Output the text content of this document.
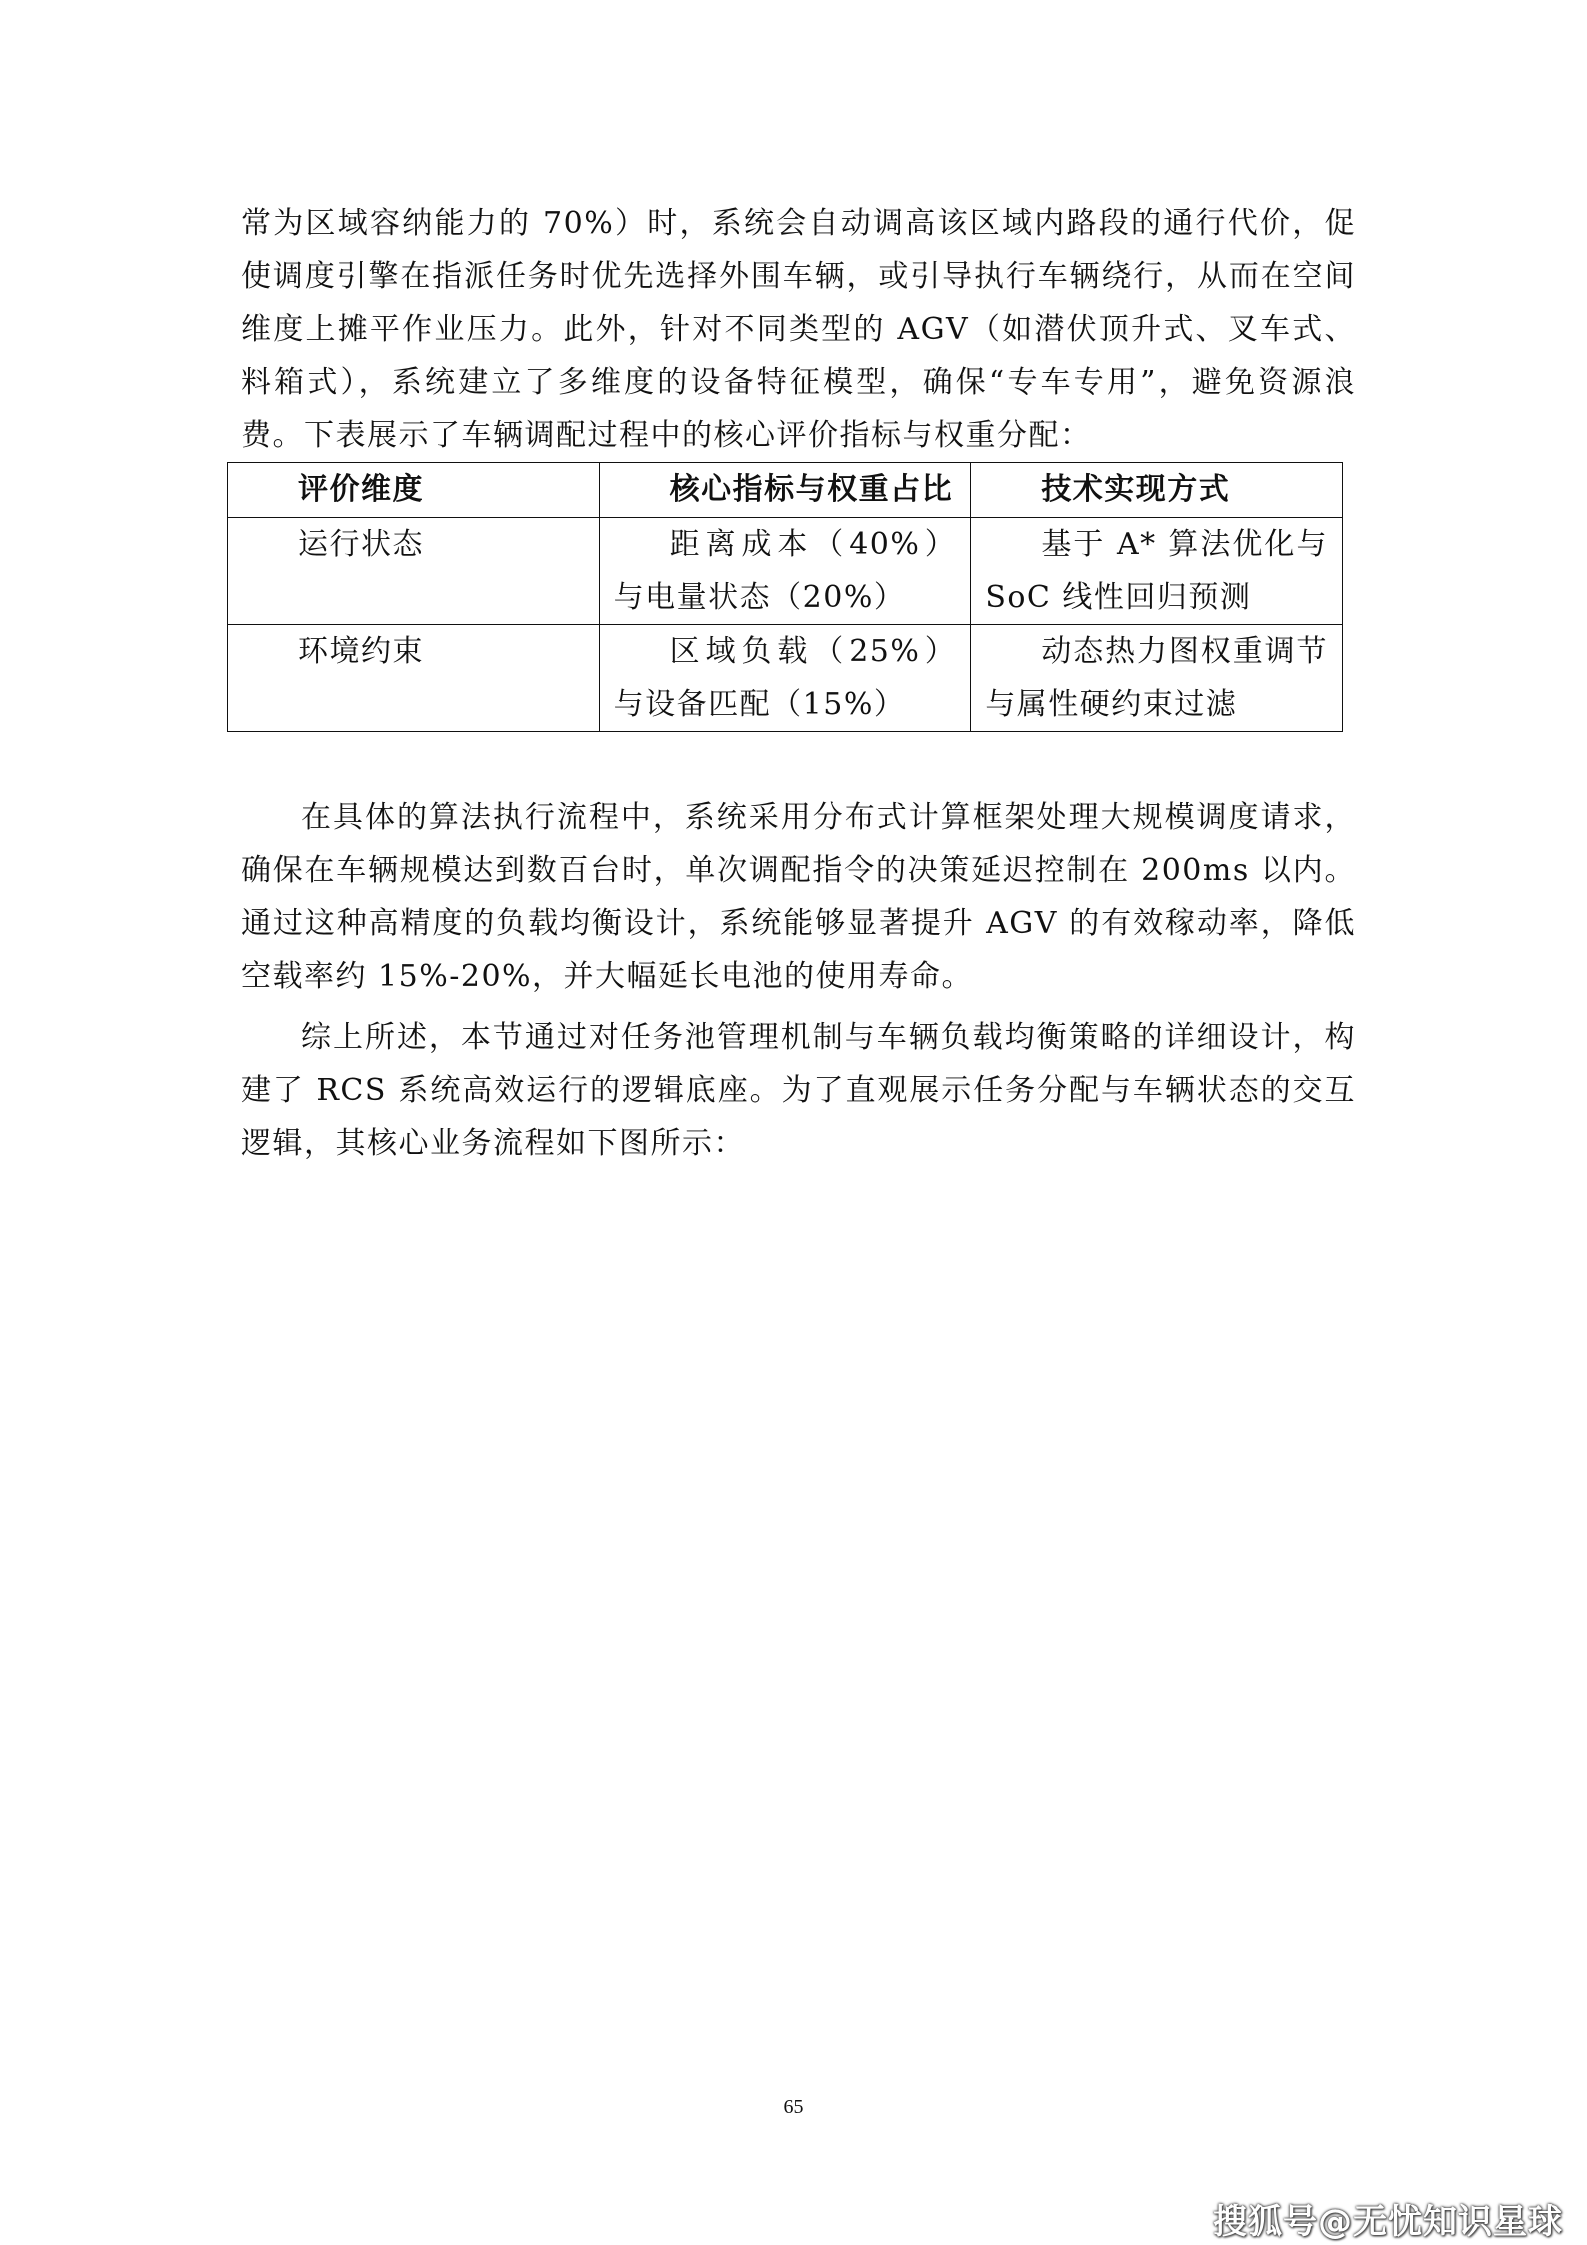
常为区域容纳能力的 70%）时，系统会自动调高该区域内路段的通行代价，促使调度引擎在指派任务时优先选择外围车辆，或引导执行车辆绕行，从而在空间维度上摊平作业压力。此外，针对不同类型的 AGV（如潜伏顶升式、叉车式、料箱式），系统建立了多维度的设备特征模型，确保“专车专用”，避免资源浪费。下表展示了车辆调配过程中的核心评价指标与权重分配：

评价维度	核心指标与权重占比	技术实现方式
运行状态	距离成本（40%）与电量状态（20%）	基于 A* 算法优化与 SoC 线性回归预测
环境约束	区域负载（25%）与设备匹配（15%）	动态热力图权重调节与属性硬约束过滤

在具体的算法执行流程中，系统采用分布式计算框架处理大规模调度请求，确保在车辆规模达到数百台时，单次调配指令的决策延迟控制在 200ms 以内。通过这种高精度的负载均衡设计，系统能够显著提升 AGV 的有效稼动率，降低空载率约 15%-20%，并大幅延长电池的使用寿命。

综上所述，本节通过对任务池管理机制与车辆负载均衡策略的详细设计，构建了 RCS 系统高效运行的逻辑底座。为了直观展示任务分配与车辆状态的交互逻辑，其核心业务流程如下图所示：

65
搜狐号@无忧知识星球
